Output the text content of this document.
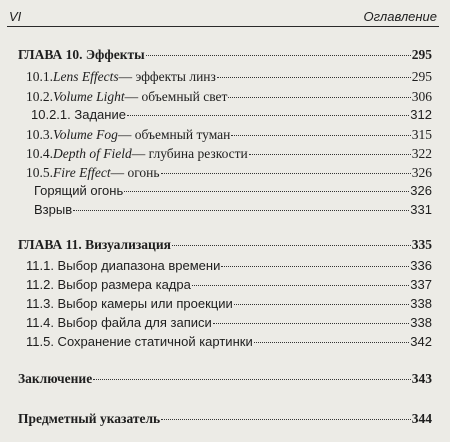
VI	Оглавление
ГЛАВА 10. Эффекты	295
10.1. Lens Effects — эффекты линз	295
10.2. Volume Light — объемный свет	306
10.2.1. Задание	312
10.3. Volume Fog — объемный туман	315
10.4. Depth of Field — глубина резкости	322
10.5. Fire Effect — огонь	326
Горящий огонь	326
Взрыв	331
ГЛАВА 11. Визуализация	335
11.1. Выбор диапазона времени	336
11.2. Выбор размера кадра	337
11.3. Выбор камеры или проекции	338
11.4. Выбор файла для записи	338
11.5. Сохранение статичной картинки	342
Заключение	343
Предметный указатель	344
